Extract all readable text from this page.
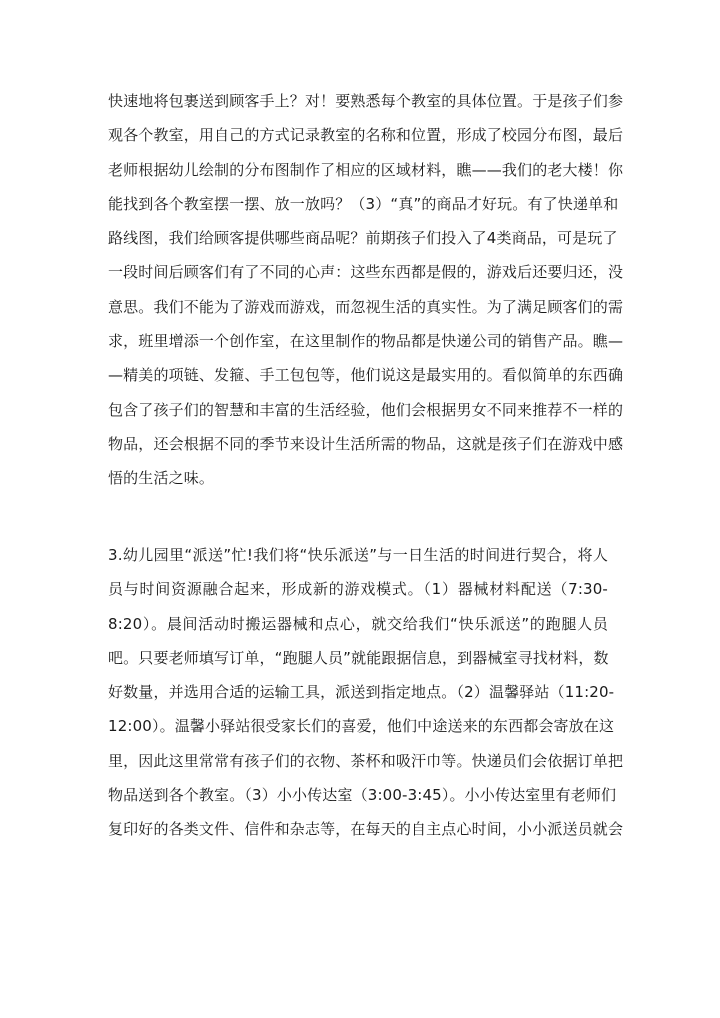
快速地将包裹送到顾客手上？对！要熟悉每个教室的具体位置。于是孩子们参
观各个教室，用自己的方式记录教室的名称和位置，形成了校园分布图，最后
老师根据幼儿绘制的分布图制作了相应的区域材料，瞧——我们的老大楼！你
能找到各个教室摆一摆、放一放吗？（3）“真”的商品才好玩。有了快递单和
路线图，我们给顾客提供哪些商品呢？前期孩子们投入了4类商品，可是玩了
一段时间后顾客们有了不同的心声：这些东西都是假的，游戏后还要归还，没
意思。我们不能为了游戏而游戏，而忽视生活的真实性。为了满足顾客们的需
求，班里增添一个创作室，在这里制作的物品都是快递公司的销售产品。瞧—
—精美的项链、发箍、手工包包等，他们说这是最实用的。看似简单的东西确
包含了孩子们的智慧和丰富的生活经验，他们会根据男女不同来推荐不一样的
物品，还会根据不同的季节来设计生活所需的物品，这就是孩子们在游戏中感
悟的生活之味。
3.幼儿园里“派送”忙!我们将“快乐派送”与一日生活的时间进行契合，将人
员与时间资源融合起来，形成新的游戏模式。（1）器械材料配送（7:30-
8:20）。晨间活动时搬运器械和点心，就交给我们“快乐派送”的跑腿人员
吧。只要老师填写订单，“跑腿人员”就能跟据信息，到器械室寻找材料，数
好数量，并选用合适的运输工具，派送到指定地点。（2）温馨驿站（11:20-
12:00）。温馨小驿站很受家长们的喜爱，他们中途送来的东西都会寄放在这
里，因此这里常常有孩子们的衣物、茶杯和吸汗巾等。快递员们会依据订单把
物品送到各个教室。（3）小小传达室（3:00-3:45）。小小传达室里有老师们
复印好的各类文件、信件和杂志等，在每天的自主点心时间，小小派送员就会
